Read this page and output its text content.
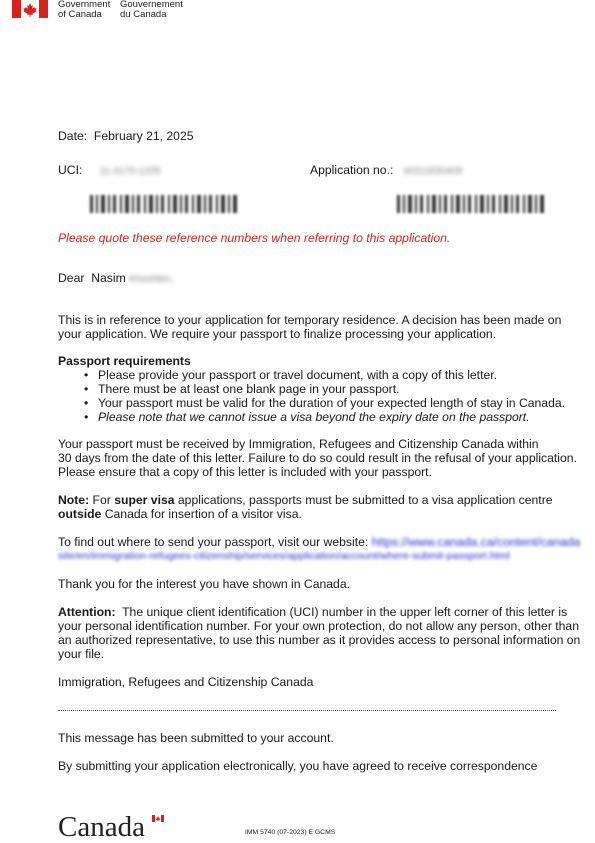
Government
of Canada
Gouvernement
du Canada
Date: February 21, 2025
UCI: 11-4170-1205	Application no.: W311830409
Please quote these reference numbers when referring to this application.
Dear Nasim Khoshbin,
This is in reference to your application for temporary residence. A decision has been made on
your application. We require your passport to finalize processing your application.
Passport requirements
• Please provide your passport or travel document, with a copy of this letter.
• There must be at least one blank page in your passport.
• Your passport must be valid for the duration of your expected length of stay in Canada.
• Please note that we cannot issue a visa beyond the expiry date on the passport.
Your passport must be received by Immigration, Refugees and Citizenship Canada within
30 days from the date of this letter. Failure to do so could result in the refusal of your application.
Please ensure that a copy of this letter is included with your passport.
Note: For super visa applications, passports must be submitted to a visa application centre
outside Canada for insertion of a visitor visa.
To find out where to send your passport, visit our website: https://www.canada.ca/content/canada
site/en/immigration-refugees-citizenship/services/application/account/where-submit-passport.html
Thank you for the interest you have shown in Canada.
Attention:  The unique client identification (UCI) number in the upper left corner of this letter is
your personal identification number. For your own protection, do not allow any person, other than
an authorized representative, to use this number as it provides access to personal information on
your file.
Immigration, Refugees and Citizenship Canada
This message has been submitted to your account.
By submitting your application electronically, you have agreed to receive correspondence
Canada	IMM 5740 (07-2023) E GCMS
